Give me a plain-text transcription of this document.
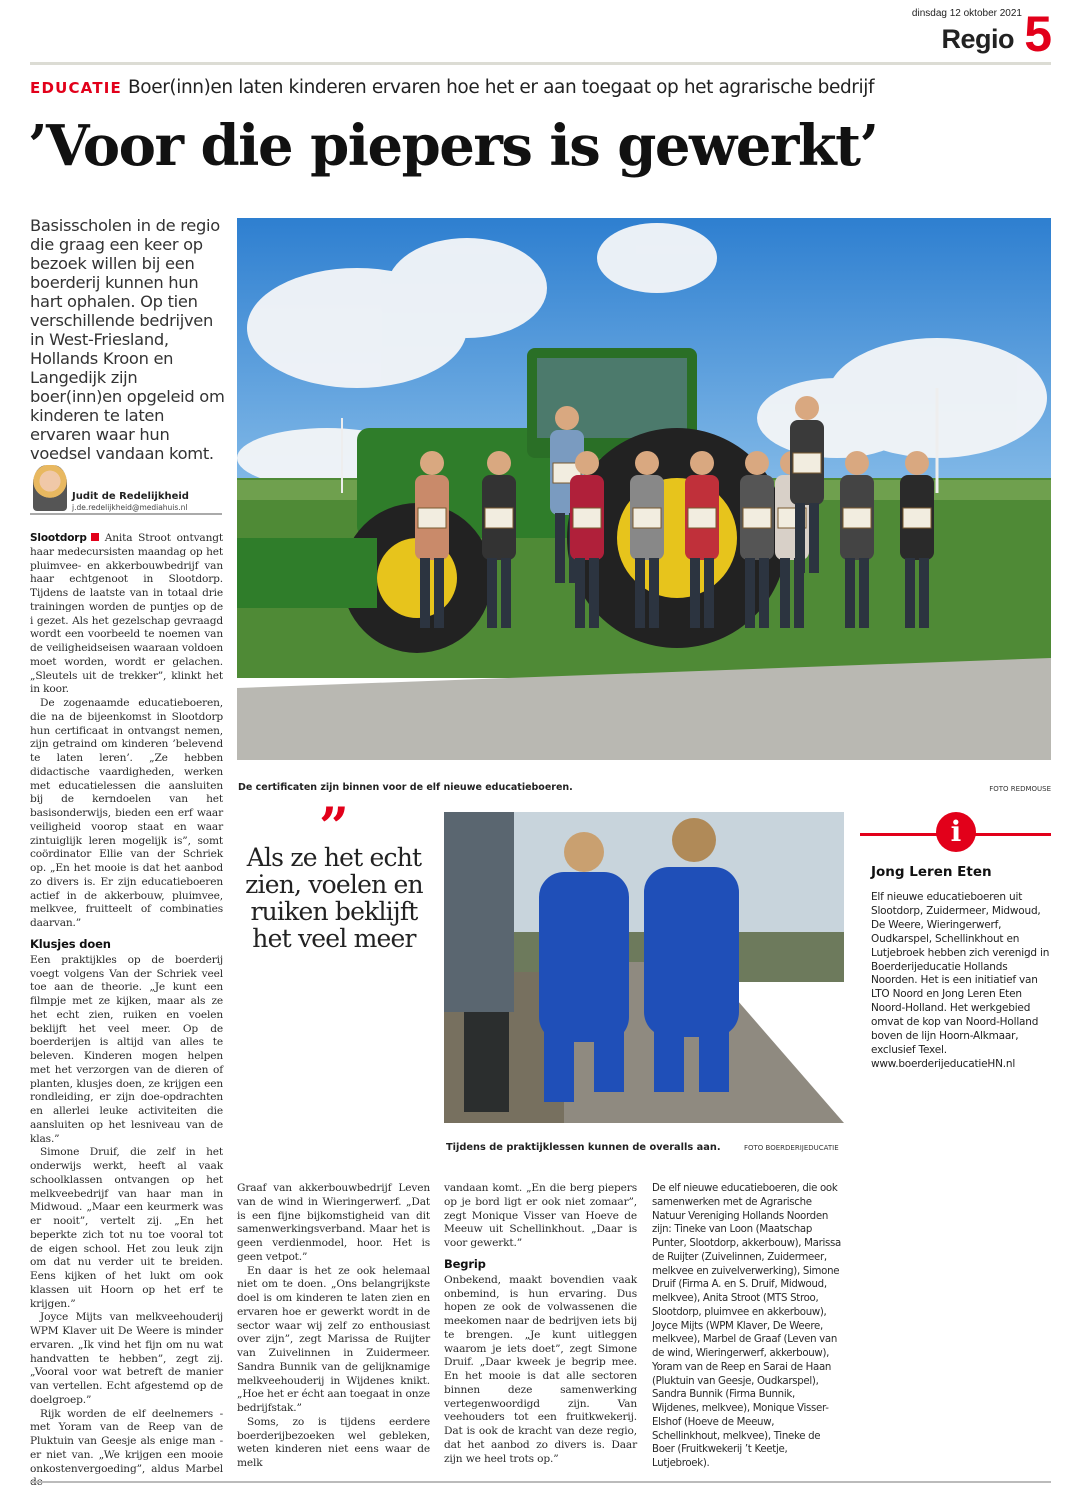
dinsdag 12 oktober 2021
Regio 5
EDUCATIE Boer(inn)en laten kinderen ervaren hoe het er aan toegaat op het agrarische bedrijf
’Voor die piepers is gewerkt’
Basisscholen in de regio die graag een keer op bezoek willen bij een boerderij kunnen hun hart ophalen. Op tien verschillende bedrijven in West-Friesland, Hollands Kroon en Langedijk zijn boer(inn)en opgeleid om kinderen te laten ervaren waar hun voedsel vandaan komt.
Judit de Redelijkheid
j.de.redelijkheid@mediahuis.nl

Slootdorp Anita Stroot ontvangt haar medecursisten maandag op het pluimvee- en akkerbouwbedrijf van haar echtgenoot in Slootdorp. Tijdens de laatste van in totaal drie trainingen worden de puntjes op de i gezet. Als het gezelschap gevraagd wordt een voorbeeld te noemen van de veiligheidseisen waaraan voldoen moet worden, wordt er gelachen. „Sleutels uit de trekker”, klinkt het in koor.

De zogenaamde educatieboeren, die na de bijeenkomst in Slootdorp hun certificaat in ontvangst nemen, zijn getraind om kinderen ’belevend te laten leren’. „Ze hebben didactische vaardigheden, werken met educatielessen die aansluiten bij de kerndoelen van het basisonderwijs, bieden een erf waar veiligheid voorop staat en waar zintuiglijk leren mogelijk is”, somt coördinator Ellie van der Schriek op. „En het mooie is dat het aanbod zo divers is. Er zijn educatieboeren actief in de akkerbouw, pluimvee, melkvee, fruitteelt of combinaties daarvan.”

Klusjes doen

Een praktijkles op de boerderij voegt volgens Van der Schriek veel toe aan de theorie. „Je kunt een filmpje met ze kijken, maar als ze het echt zien, ruiken en voelen beklijft het veel meer. Op de boerderijen is altijd van alles te beleven. Kinderen mogen helpen met het verzorgen van de dieren of planten, klusjes doen, ze krijgen een rondleiding, er zijn doe-opdrachten en allerlei leuke activiteiten die aansluiten op het lesniveau van de klas.”

Simone Druif, die zelf in het onderwijs werkt, heeft al vaak schoolklassen ontvangen op het melkveebedrijf van haar man in Midwoud. „Maar een keurmerk was er nooit”, vertelt zij. „En het beperkte zich tot nu toe vooral tot de eigen school. Het zou leuk zijn om dat nu verder uit te breiden. Eens kijken of het lukt om ook klassen uit Hoorn op het erf te krijgen.”

Joyce Mijts van melkveehouderij WPM Klaver uit De Weere is minder ervaren. „Ik vind het fijn om nu wat handvatten te hebben”, zegt zij. „Vooral voor wat betreft de manier van vertellen. Echt afgestemd op de doelgroep.”

Rijk worden de elf deelnemers - met Yoram van de Reep van de Pluktuin van Geesje als enige man - er niet van. „We krijgen een mooie onkostenvergoeding”, aldus Marbel

De certificaten zijn binnen voor de elf nieuwe educatieboeren.	FOTO REDMOUSE
”
Als ze het echt zien, voelen en ruiken beklijft het veel meer
Tijdens de praktijklessen kunnen de overalls aan.	FOTO BOERDERIJEDUCATIE
i
Jong Leren Eten
Elf nieuwe educatieboeren uit Slootdorp, Zuidermeer, Midwoud, De Weere, Wieringerwerf, Oudkarspel, Schellinkhout en Lutjebroek hebben zich verenigd in Boerderijeducatie Hollands Noorden. Het is een initiatief van LTO Noord en Jong Leren Eten Noord-Holland. Het werkgebied omvat de kop van Noord-Holland boven de lijn Hoorn-Alkmaar, exclusief Texel. www.boerderijeducatieHN.nl

Graaf van akkerbouwbedrijf Leven van de wind in Wieringerwerf. „Dat is een fijne bijkomstigheid van dit samenwerkingsverband. Maar het is geen verdienmodel, hoor. Het is geen vetpot.”

En daar is het ze ook helemaal niet om te doen. „Ons belangrijkste doel is om kinderen te laten zien en ervaren hoe er gewerkt wordt in de sector waar wij zelf zo enthousiast over zijn”, zegt Marissa de Ruijter van Zuivelinnen in Zuidermeer. Sandra Bunnik van de gelijknamige melkveehouderij in Wijdenes knikt. „Hoe het er écht aan toegaat in onze bedrijfstak.”

Soms, zo is tijdens eerdere boerderijbezoeken wel gebleken, weten kinderen niet eens waar de melk

vandaan komt. „En die berg piepers op je bord ligt er ook niet zomaar”, zegt Monique Visser van Hoeve de Meeuw uit Schellinkhout. „Daar is voor gewerkt.”

Begrip

Onbekend, maakt bovendien vaak onbemind, is hun ervaring. Dus hopen ze ook de volwassenen die meekomen naar de bedrijven iets bij te brengen. „Je kunt uitleggen waarom je iets doet”, zegt Simone Druif. „Daar kweek je begrip mee. En het mooie is dat alle sectoren binnen deze samenwerking vertegenwoordigd zijn. Van veehouders tot een fruitkwekerij. Dat is ook de kracht van deze regio, dat het aanbod zo divers is. Daar zijn we heel trots op.”

De elf nieuwe educatieboeren, die ook samenwerken met de Agrarische Natuur Vereniging Hollands Noorden zijn: Tineke van Loon (Maatschap Punter, Slootdorp, akkerbouw), Marissa de Ruijter (Zuivelinnen, Zuidermeer, melkvee en zuivelverwerking), Simone Druif (Firma A. en S. Druif, Midwoud, melkvee), Anita Stroot (MTS Stroo, Slootdorp, pluimvee en akkerbouw), Joyce Mijts (WPM Klaver, De Weere, melkvee), Marbel de Graaf (Leven van de wind, Wieringerwerf, akkerbouw), Yoram van de Reep en Sarai de Haan (Pluktuin van Geesje, Oudkarspel), Sandra Bunnik (Firma Bunnik, Wijdenes, melkvee), Monique Visser-Elshof (Hoeve de Meeuw, Schellinkhout, melkvee), Tineke de Boer (Fruitkwekerij ’t Keetje, Lutjebroek).
